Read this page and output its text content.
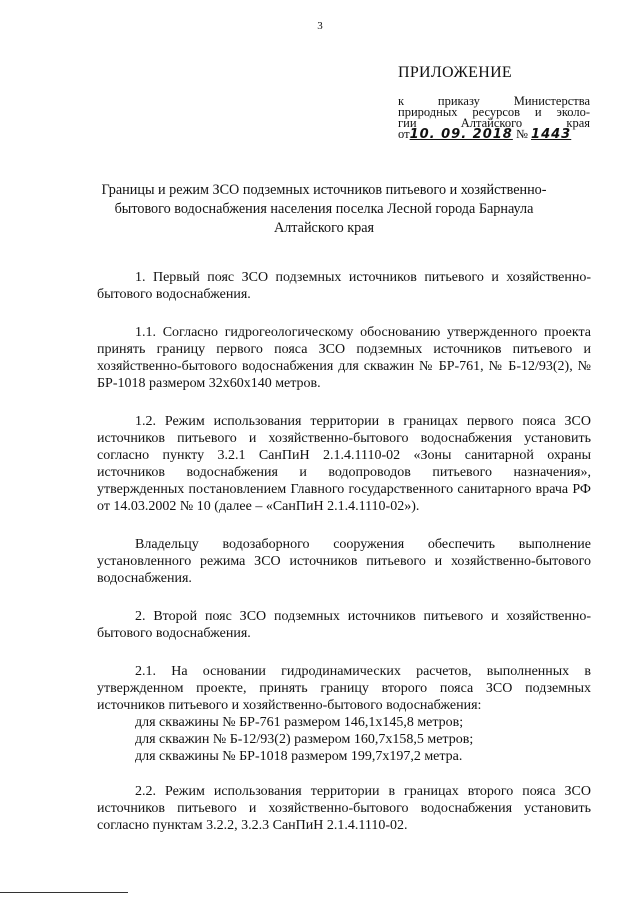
3
ПРИЛОЖЕНИЕ
к приказу Министерства
природных ресурсов и эколо-
гии Алтайского края
от10. 09. 2018 № 1443
Границы и режим ЗСО подземных источников питьевого и хозяйственно-бытового водоснабжения населения поселка Лесной города Барнаула Алтайского края

1. Первый пояс ЗСО подземных источников питьевого и хозяйственно-бытового водоснабжения.

1.1. Согласно гидрогеологическому обоснованию утвержденного проекта принять границу первого пояса ЗСО подземных источников питьевого и хозяйственно-бытового водоснабжения для скважин № БР-761, № Б-12/93(2), № БР-1018 размером 32х60х140 метров.

1.2. Режим использования территории в границах первого пояса ЗСО источников питьевого и хозяйственно-бытового водоснабжения установить согласно пункту 3.2.1 СанПиН 2.1.4.1110-02 «Зоны санитарной охраны источников водоснабжения и водопроводов питьевого назначения», утвержденных постановлением Главного государственного санитарного врача РФ от 14.03.2002 № 10 (далее – «СанПиН 2.1.4.1110-02»).

Владельцу водозаборного сооружения обеспечить выполнение установленного режима ЗСО источников питьевого и хозяйственно-бытового водоснабжения.

2. Второй пояс ЗСО подземных источников питьевого и хозяйственно-бытового водоснабжения.

2.1. На основании гидродинамических расчетов, выполненных в утвержденном проекте, принять границу второго пояса ЗСО подземных источников питьевого и хозяйственно-бытового водоснабжения:

для скважины № БР-761 размером 146,1х145,8 метров;

для скважин № Б-12/93(2) размером 160,7х158,5 метров;

для скважины № БР-1018 размером 199,7х197,2 метра.

2.2. Режим использования территории в границах второго пояса ЗСО источников питьевого и хозяйственно-бытового водоснабжения установить согласно пунктам 3.2.2, 3.2.3 СанПиН 2.1.4.1110-02.
